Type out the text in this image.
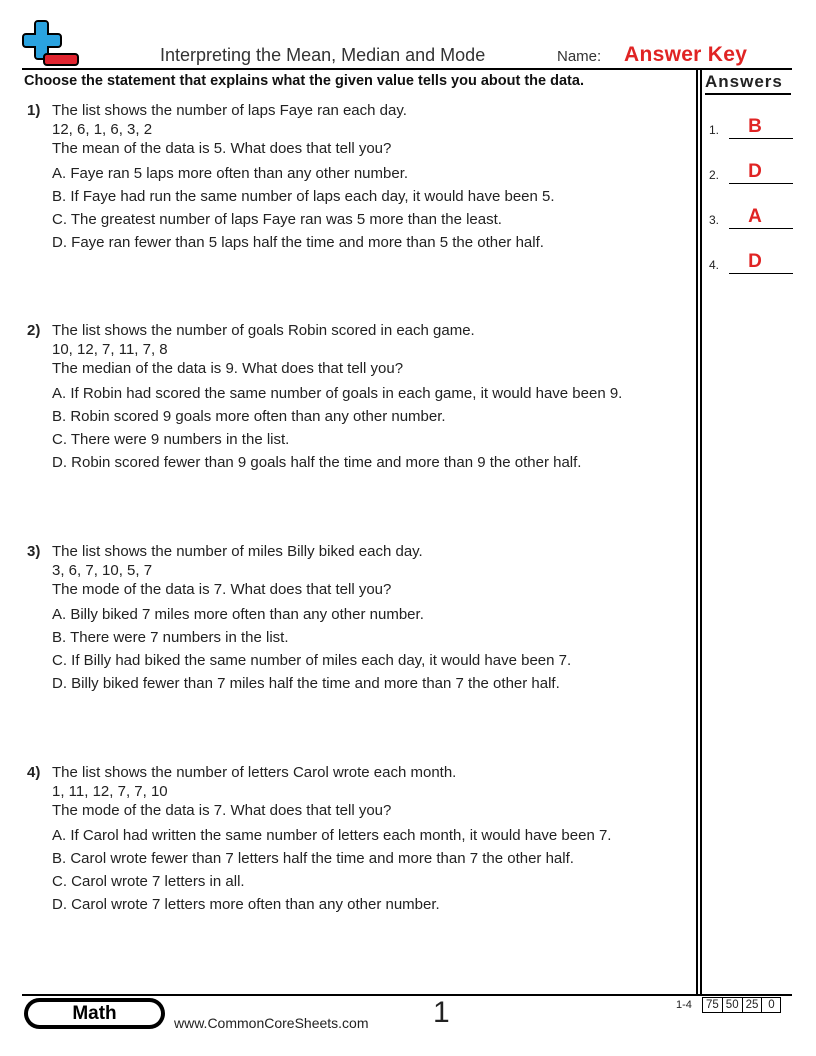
Interpreting the Mean, Median and Mode	Name: Answer Key
Choose the statement that explains what the given value tells you about the data.	Answers
1.	B
2.	D
3.	A
4.	D
1) The list shows the number of laps Faye ran each day.
12, 6, 1, 6, 3, 2
The mean of the data is 5. What does that tell you?
A. Faye ran 5 laps more often than any other number.
B. If Faye had run the same number of laps each day, it would have been 5.
C. The greatest number of laps Faye ran was 5 more than the least.
D. Faye ran fewer than 5 laps half the time and more than 5 the other half.
2) The list shows the number of goals Robin scored in each game.
10, 12, 7, 11, 7, 8
The median of the data is 9. What does that tell you?
A. If Robin had scored the same number of goals in each game, it would have been 9.
B. Robin scored 9 goals more often than any other number.
C. There were 9 numbers in the list.
D. Robin scored fewer than 9 goals half the time and more than 9 the other half.
3) The list shows the number of miles Billy biked each day.
3, 6, 7, 10, 5, 7
The mode of the data is 7. What does that tell you?
A. Billy biked 7 miles more often than any other number.
B. There were 7 numbers in the list.
C. If Billy had biked the same number of miles each day, it would have been 7.
D. Billy biked fewer than 7 miles half the time and more than 7 the other half.
4) The list shows the number of letters Carol wrote each month.
1, 11, 12, 7, 7, 10
The mode of the data is 7. What does that tell you?
A. If Carol had written the same number of letters each month, it would have been 7.
B. Carol wrote fewer than 7 letters half the time and more than 7 the other half.
C. Carol wrote 7 letters in all.
D. Carol wrote 7 letters more often than any other number.
Math	www.CommonCoreSheets.com 1	1-4 75 50 25 0
